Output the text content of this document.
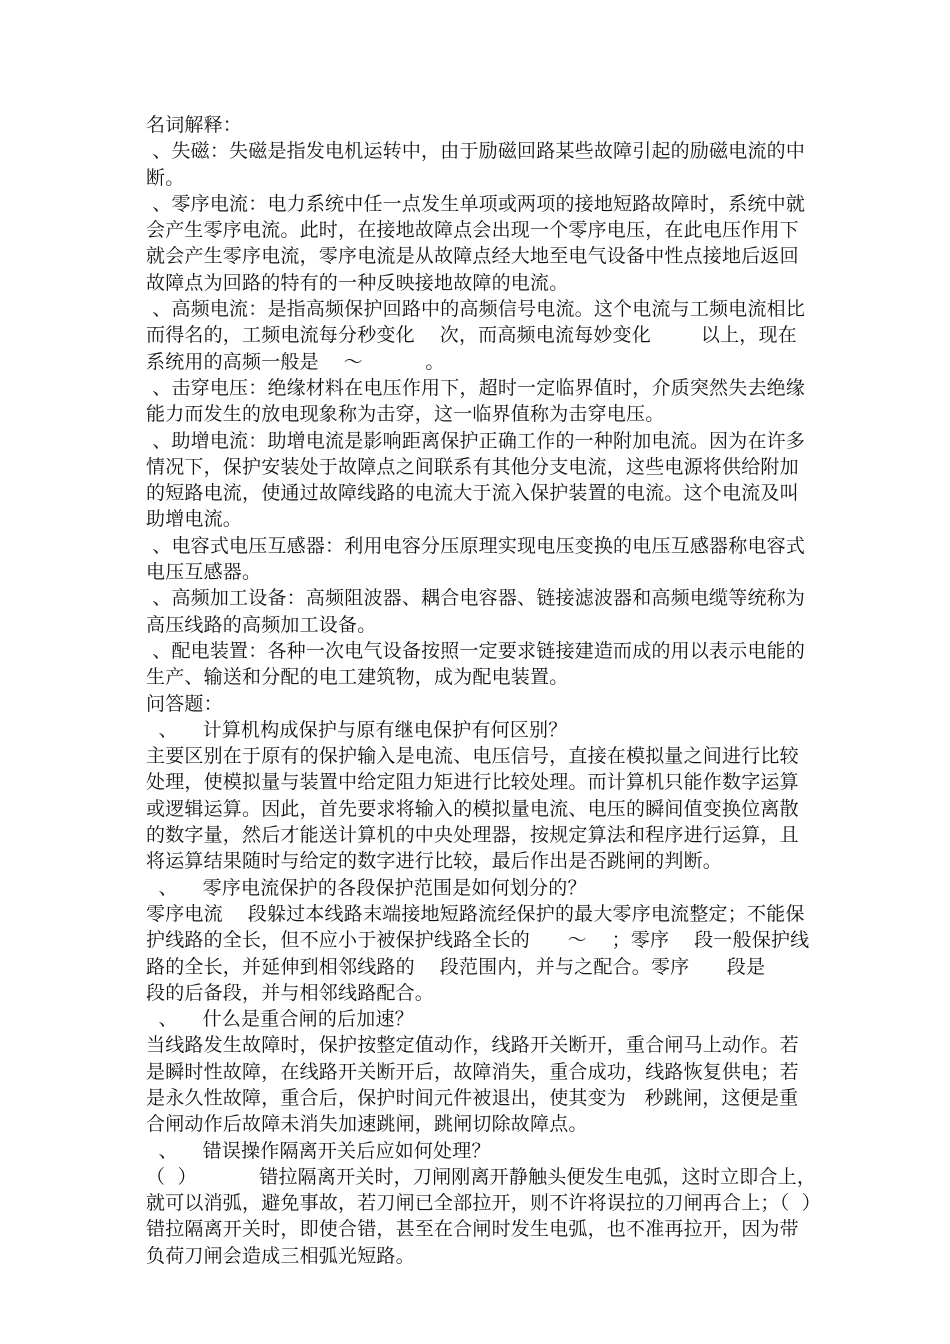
名词解释：
、失磁：失磁是指发电机运转中，由于励磁回路某些故障引起的励磁电流的中
断。
、零序电流：电力系统中任一点发生单项或两项的接地短路故障时，系统中就
会产生零序电流。此时，在接地故障点会出现一个零序电压，在此电压作用下
就会产生零序电流，零序电流是从故障点经大地至电气设备中性点接地后返回
故障点为回路的特有的一种反映接地故障的电流。
、高频电流：是指高频保护回路中的高频信号电流。这个电流与工频电流相比
而得名的，工频电流每分秒变化    次，而高频电流每妙变化        以上，现在
系统用的高频一般是    ～          。
、击穿电压：绝缘材料在电压作用下，超时一定临界值时，介质突然失去绝缘
能力而发生的放电现象称为击穿，这一临界值称为击穿电压。
、助增电流：助增电流是影响距离保护正确工作的一种附加电流。因为在许多
情况下，保护安装处于故障点之间联系有其他分支电流，这些电源将供给附加
的短路电流，使通过故障线路的电流大于流入保护装置的电流。这个电流及叫
助增电流。
、电容式电压互感器：利用电容分压原理实现电压变换的电压互感器称电容式
电压互感器。
、高频加工设备：高频阻波器、耦合电容器、链接滤波器和高频电缆等统称为
高压线路的高频加工设备。
、配电装置：各种一次电气设备按照一定要求链接建造而成的用以表示电能的
生产、输送和分配的电工建筑物，成为配电装置。
问答题：
、    计算机构成保护与原有继电保护有何区别？
主要区别在于原有的保护输入是电流、电压信号，直接在模拟量之间进行比较
处理，使模拟量与装置中给定阻力矩进行比较处理。而计算机只能作数字运算
或逻辑运算。因此，首先要求将输入的模拟量电流、电压的瞬间值变换位离散
的数字量，然后才能送计算机的中央处理器，按规定算法和程序进行运算，且
将运算结果随时与给定的数字进行比较，最后作出是否跳闸的判断。
、    零序电流保护的各段保护范围是如何划分的？
零序电流    段躲过本线路末端接地短路流经保护的最大零序电流整定；不能保
护线路的全长，但不应小于被保护线路全长的      ～    ；零序    段一般保护线
路的全长，并延伸到相邻线路的    段范围内，并与之配合。零序      段是
段的后备段，并与相邻线路配合。
、    什么是重合闸的后加速？
当线路发生故障时，保护按整定值动作，线路开关断开，重合闸马上动作。若
是瞬时性故障，在线路开关断开后，故障消失，重合成功，线路恢复供电；若
是永久性故障，重合后，保护时间元件被退出，使其变为   秒跳闸，这便是重
合闸动作后故障未消失加速跳闸，跳闸切除故障点。
、    错误操作隔离开关后应如何处理？
（  ）          错拉隔离开关时，刀闸刚离开静触头便发生电弧，这时立即合上，
就可以消弧，避免事故，若刀闸已全部拉开，则不许将误拉的刀闸再合上；（  ）
错拉隔离开关时，即使合错，甚至在合闸时发生电弧，也不准再拉开，因为带
负荷刀闸会造成三相弧光短路。
